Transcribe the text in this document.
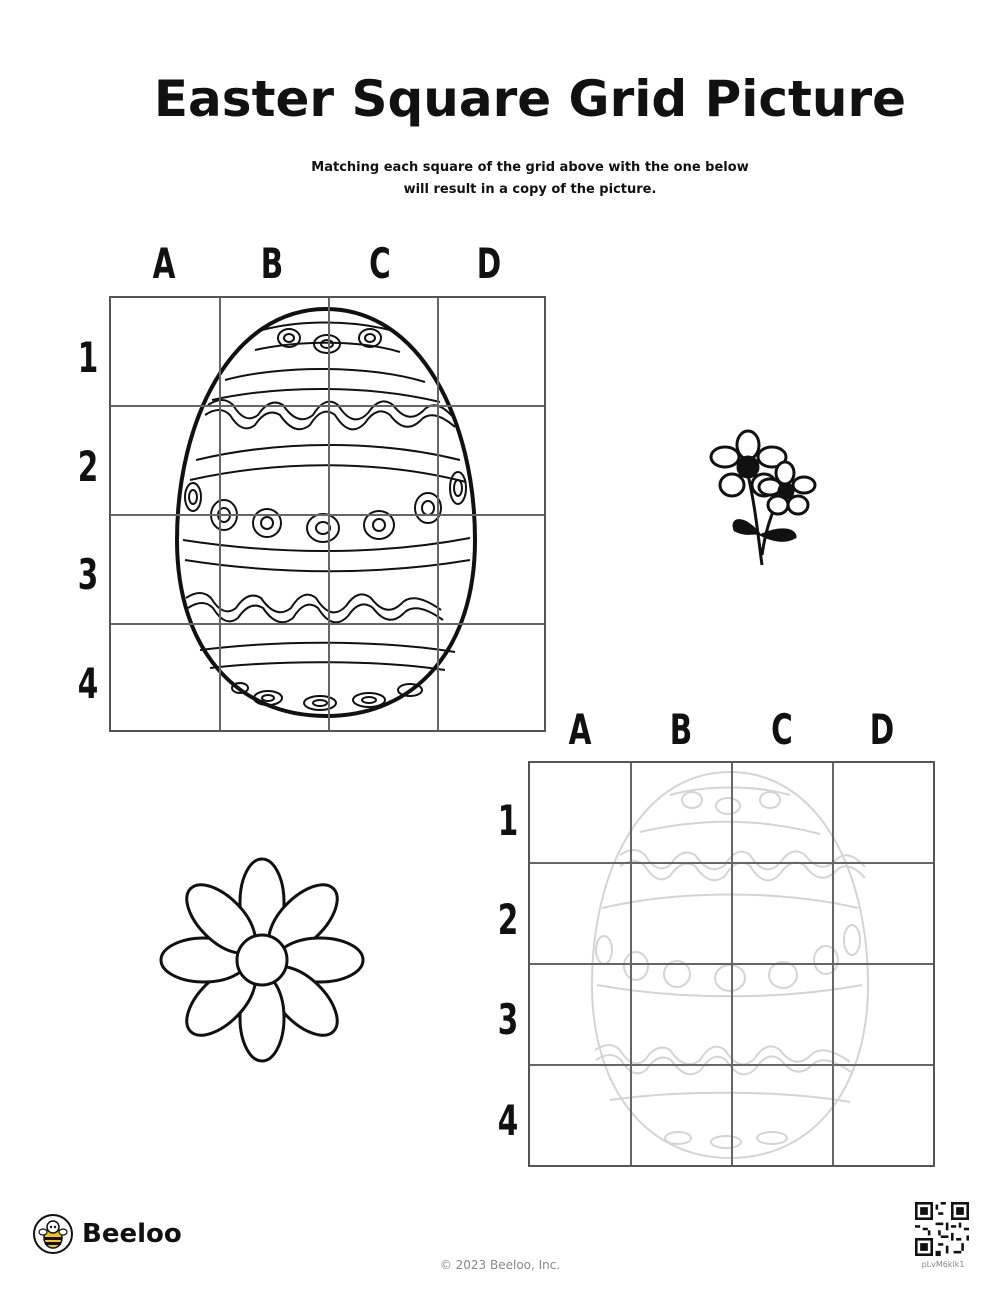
Easter Square Grid Picture
Matching each square of the grid above with the one below
will result in a copy of the picture.
A B C D
1
2
3
4
A B C D
1
2
3
4
Beeloo
© 2023 Beeloo, Inc.	pLvM6klk1
